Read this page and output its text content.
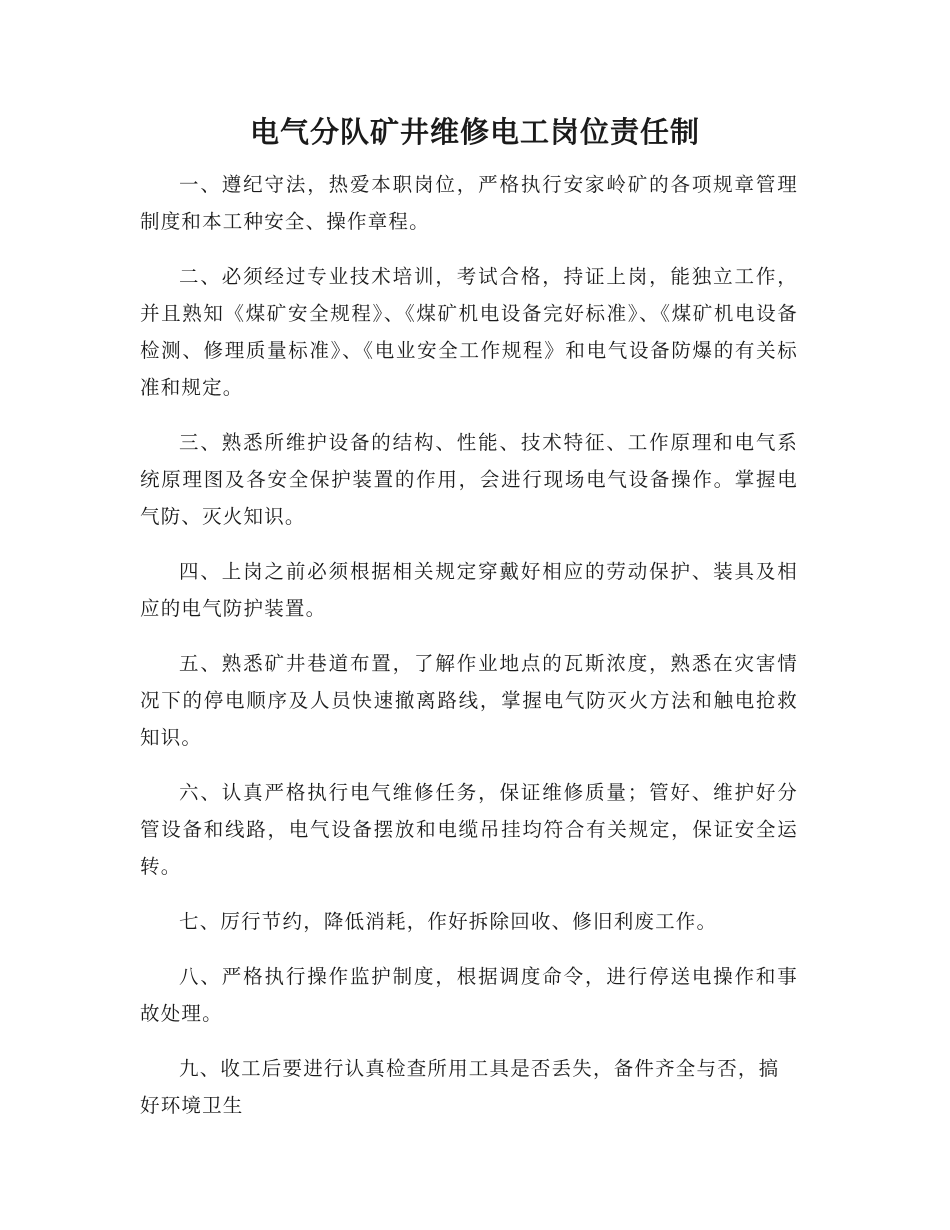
电气分队矿井维修电工岗位责任制

一、遵纪守法，热爱本职岗位，严格执行安家岭矿的各项规章管理制度和本工种安全、操作章程。

二、必须经过专业技术培训，考试合格，持证上岗，能独立工作，并且熟知《煤矿安全规程》、《煤矿机电设备完好标准》、《煤矿机电设备检测、修理质量标准》、《电业安全工作规程》和电气设备防爆的有关标准和规定。

三、熟悉所维护设备的结构、性能、技术特征、工作原理和电气系统原理图及各安全保护装置的作用，会进行现场电气设备操作。掌握电气防、灭火知识。

四、上岗之前必须根据相关规定穿戴好相应的劳动保护、装具及相应的电气防护装置。

五、熟悉矿井巷道布置，了解作业地点的瓦斯浓度，熟悉在灾害情况下的停电顺序及人员快速撤离路线，掌握电气防灭火方法和触电抢救知识。

六、认真严格执行电气维修任务，保证维修质量；管好、维护好分管设备和线路，电气设备摆放和电缆吊挂均符合有关规定，保证安全运转。

七、厉行节约，降低消耗，作好拆除回收、修旧利废工作。

八、严格执行操作监护制度，根据调度命令，进行停送电操作和事故处理。

九、收工后要进行认真检查所用工具是否丢失，备件齐全与否，搞好环境卫生
